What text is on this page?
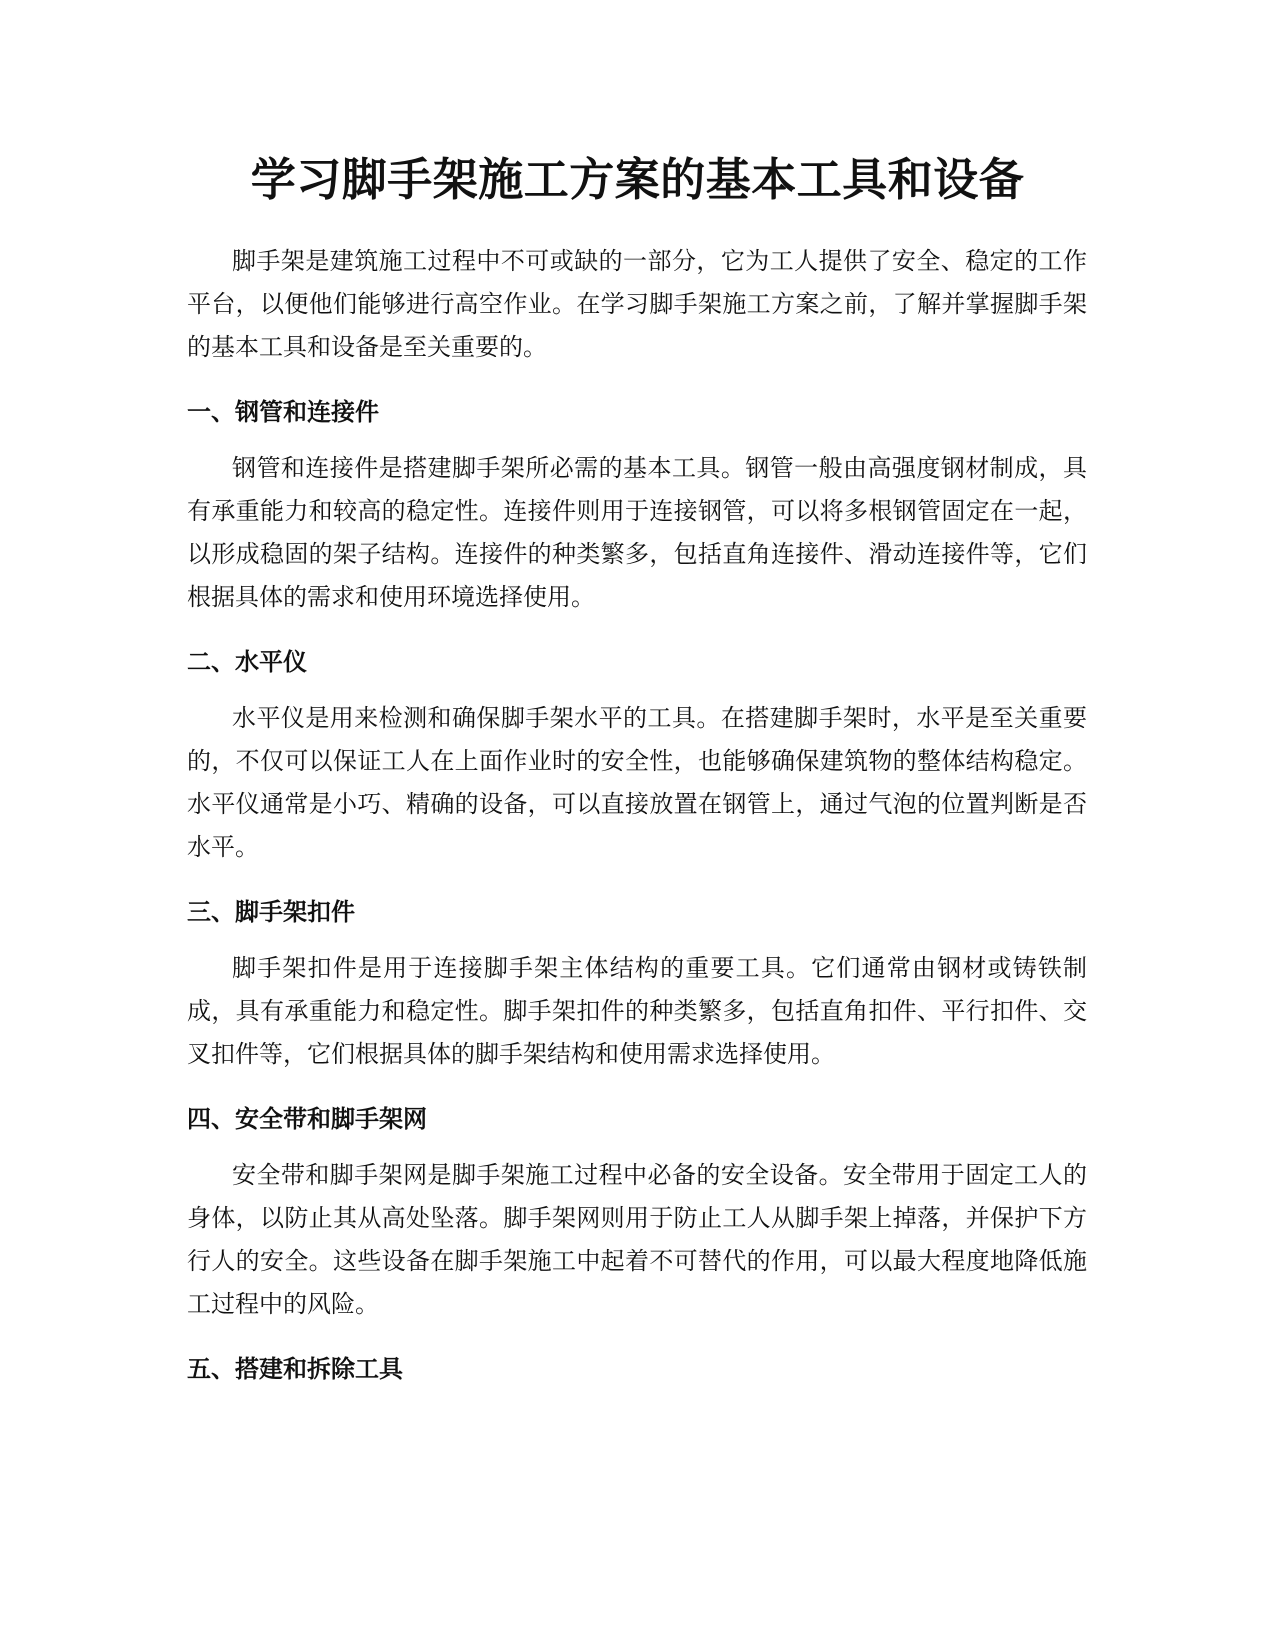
学习脚手架施工方案的基本工具和设备

脚手架是建筑施工过程中不可或缺的一部分，它为工人提供了安全、稳定的工作平台，以便他们能够进行高空作业。在学习脚手架施工方案之前，了解并掌握脚手架的基本工具和设备是至关重要的。

一、钢管和连接件

钢管和连接件是搭建脚手架所必需的基本工具。钢管一般由高强度钢材制成，具有承重能力和较高的稳定性。连接件则用于连接钢管，可以将多根钢管固定在一起，以形成稳固的架子结构。连接件的种类繁多，包括直角连接件、滑动连接件等，它们根据具体的需求和使用环境选择使用。

二、水平仪

水平仪是用来检测和确保脚手架水平的工具。在搭建脚手架时，水平是至关重要的，不仅可以保证工人在上面作业时的安全性，也能够确保建筑物的整体结构稳定。水平仪通常是小巧、精确的设备，可以直接放置在钢管上，通过气泡的位置判断是否水平。

三、脚手架扣件

脚手架扣件是用于连接脚手架主体结构的重要工具。它们通常由钢材或铸铁制成，具有承重能力和稳定性。脚手架扣件的种类繁多，包括直角扣件、平行扣件、交叉扣件等，它们根据具体的脚手架结构和使用需求选择使用。

四、安全带和脚手架网

安全带和脚手架网是脚手架施工过程中必备的安全设备。安全带用于固定工人的身体，以防止其从高处坠落。脚手架网则用于防止工人从脚手架上掉落，并保护下方行人的安全。这些设备在脚手架施工中起着不可替代的作用，可以最大程度地降低施工过程中的风险。

五、搭建和拆除工具
